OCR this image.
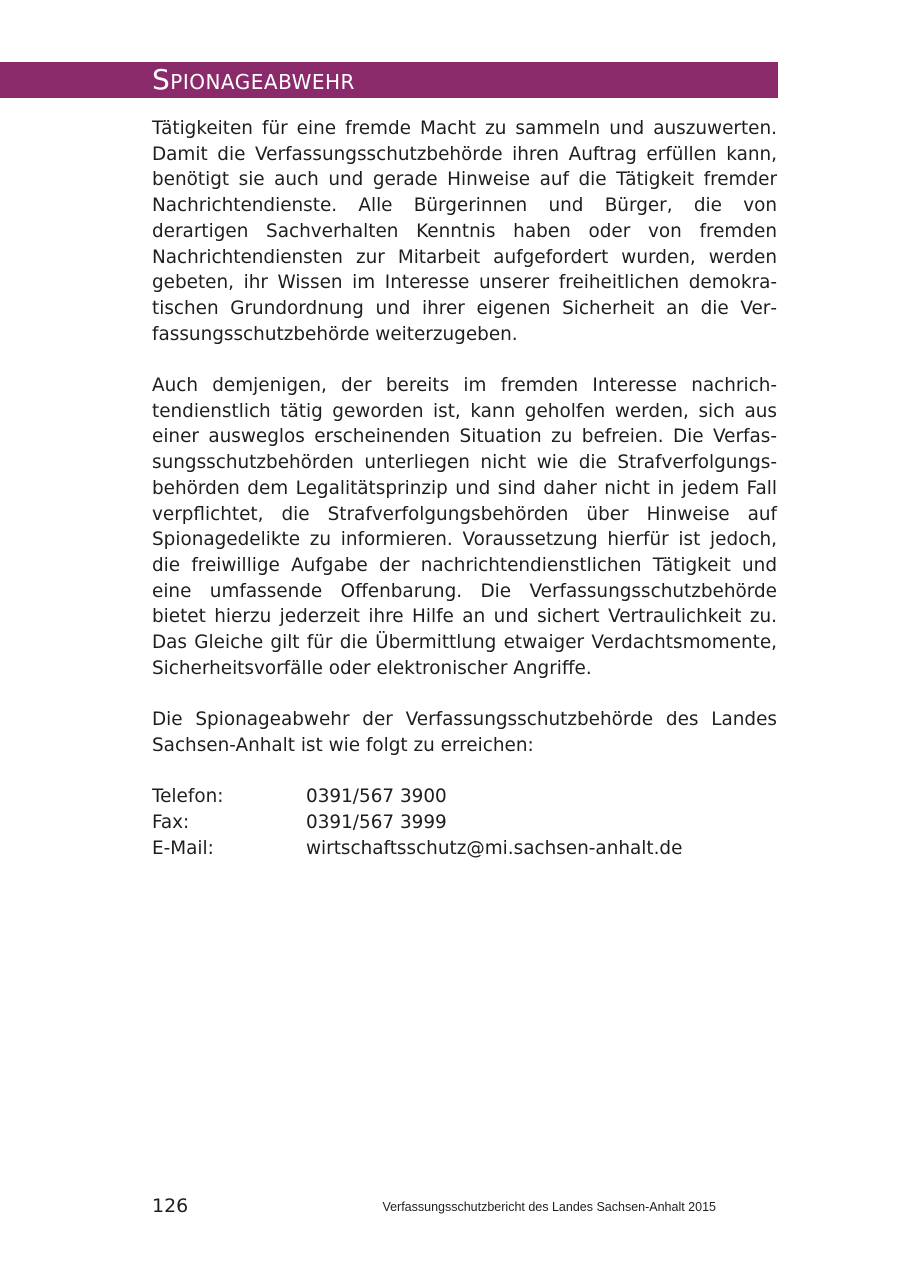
Spionageabwehr

Tätigkeiten für eine fremde Macht zu sammeln und auszuwerten. Damit die Verfassungsschutzbehörde ihren Auftrag erfüllen kann, benötigt sie auch und gerade Hinweise auf die Tätigkeit fremder Nachrichtendienste. Alle Bürgerinnen und Bürger, die von derartigen Sachverhalten Kenntnis haben oder von fremden Nachrichtendiensten zur Mitarbeit aufgefordert wurden, werden gebeten, ihr Wissen im Interesse unserer freiheitlichen demokratischen Grundordnung und ihrer eigenen Sicherheit an die Verfassungsschutzbehörde weiterzugeben.

Auch demjenigen, der bereits im fremden Interesse nachrichtendienstlich tätig geworden ist, kann geholfen werden, sich aus einer ausweglos erscheinenden Situation zu befreien. Die Verfassungsschutzbehörden unterliegen nicht wie die Strafverfolgungsbehörden dem Legalitätsprinzip und sind daher nicht in jedem Fall verpflichtet, die Strafverfolgungsbehörden über Hinweise auf Spionagedelikte zu informieren. Voraussetzung hierfür ist jedoch, die freiwillige Aufgabe der nachrichtendienstlichen Tätigkeit und eine umfassende Offenbarung. Die Verfassungsschutzbehörde bietet hierzu jederzeit ihre Hilfe an und sichert Vertraulichkeit zu. Das Gleiche gilt für die Übermittlung etwaiger Verdachtsmomente, Sicherheitsvorfälle oder elektronischer Angriffe.

Die Spionageabwehr der Verfassungsschutzbehörde des Landes Sachsen-Anhalt ist wie folgt zu erreichen:

Telefon:	0391/567 3900
Fax:	0391/567 3999
E-Mail:	wirtschaftsschutz@mi.sachsen-anhalt.de
126	Verfassungsschutzbericht des Landes Sachsen-Anhalt 2015
